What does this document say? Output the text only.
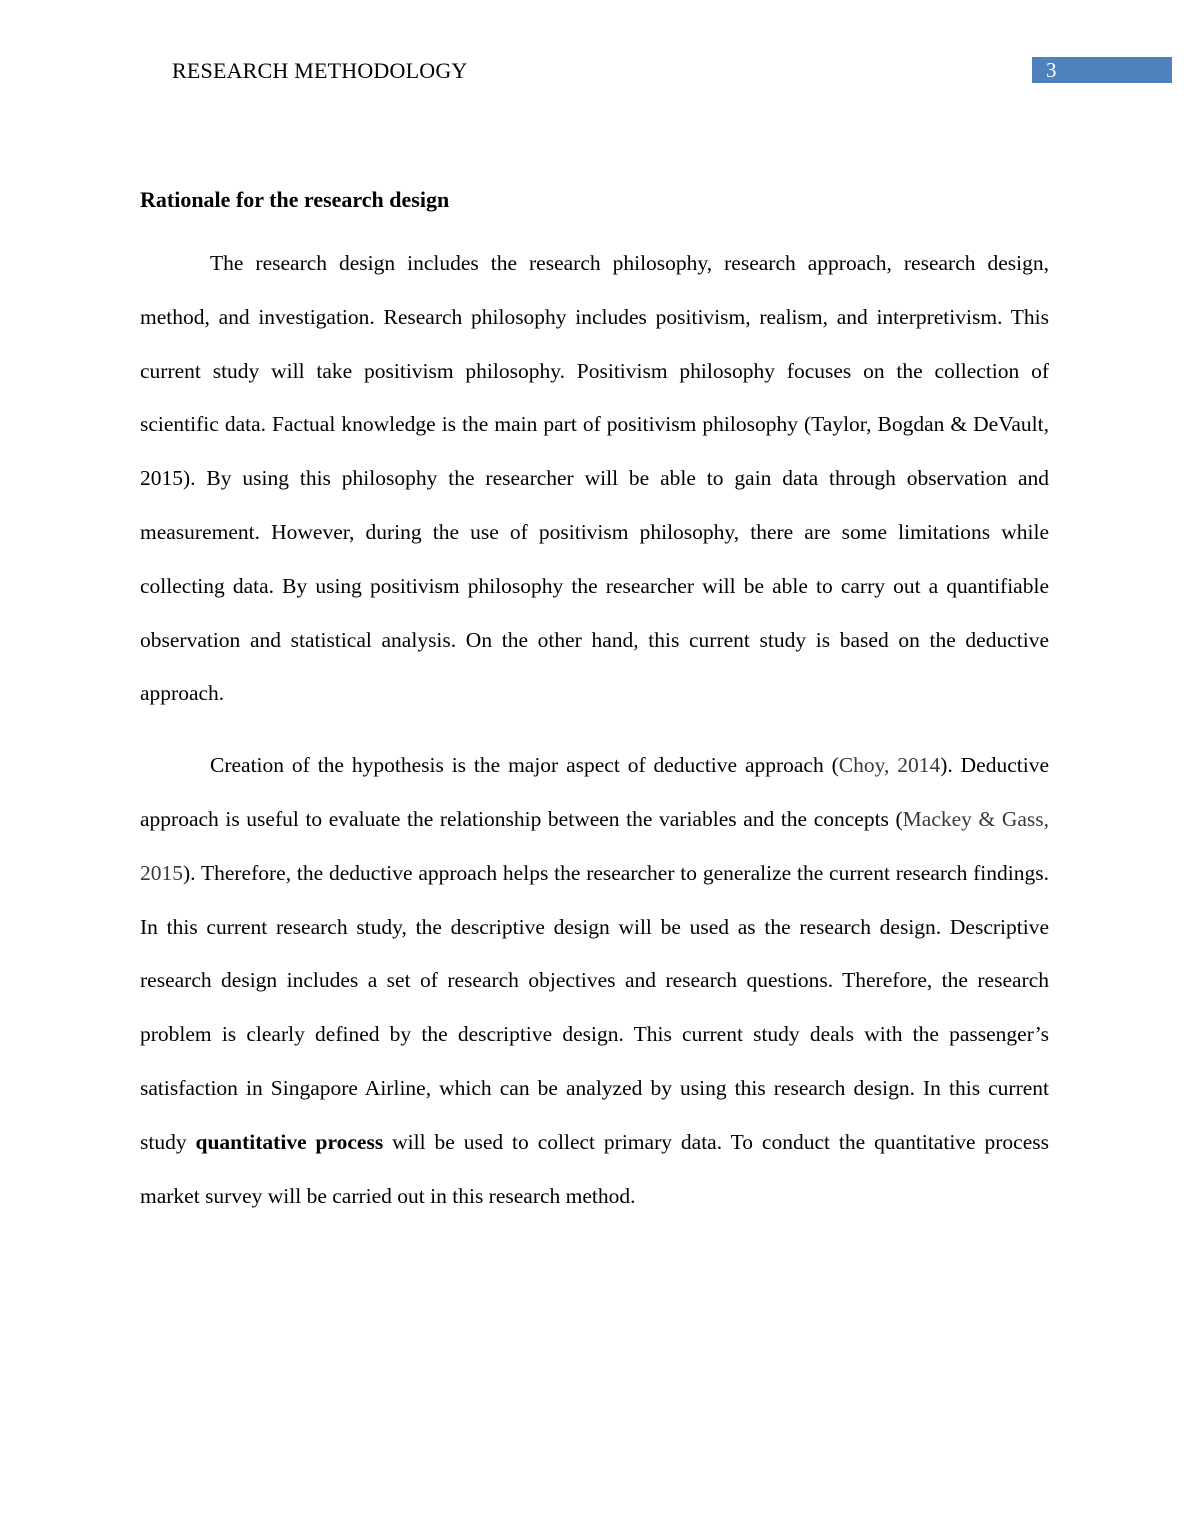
RESEARCH METHODOLOGY	3
Rationale for the research design

The research design includes the research philosophy, research approach, research design, method, and investigation. Research philosophy includes positivism, realism, and interpretivism. This current study will take positivism philosophy. Positivism philosophy focuses on the collection of scientific data. Factual knowledge is the main part of positivism philosophy (Taylor, Bogdan & DeVault, 2015). By using this philosophy the researcher will be able to gain data through observation and measurement. However, during the use of positivism philosophy, there are some limitations while collecting data. By using positivism philosophy the researcher will be able to carry out a quantifiable observation and statistical analysis. On the other hand, this current study is based on the deductive approach.

Creation of the hypothesis is the major aspect of deductive approach (Choy, 2014). Deductive approach is useful to evaluate the relationship between the variables and the concepts (Mackey & Gass, 2015). Therefore, the deductive approach helps the researcher to generalize the current research findings. In this current research study, the descriptive design will be used as the research design. Descriptive research design includes a set of research objectives and research questions. Therefore, the research problem is clearly defined by the descriptive design. This current study deals with the passenger’s satisfaction in Singapore Airline, which can be analyzed by using this research design. In this current study quantitative process will be used to collect primary data. To conduct the quantitative process market survey will be carried out in this research method.
